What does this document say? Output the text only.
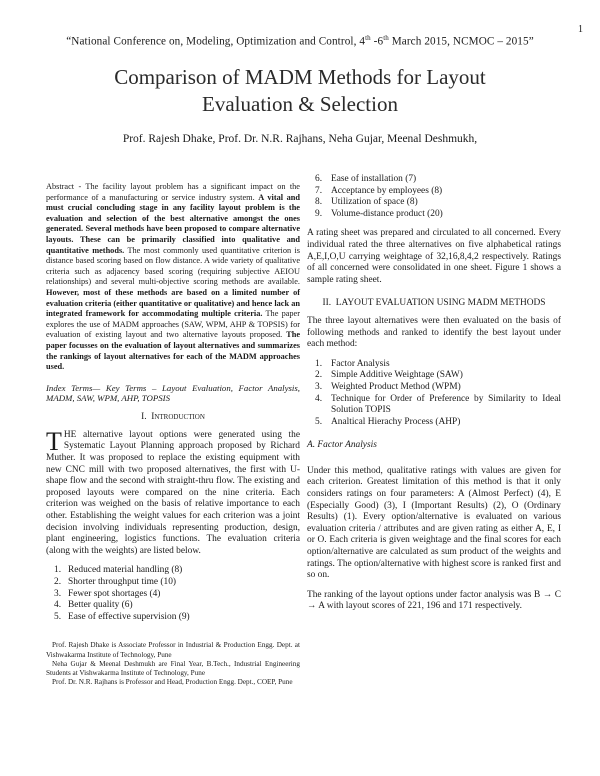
1
“National Conference on, Modeling, Optimization and Control, 4th -6th March 2015, NCMOC – 2015”
Comparison of MADM Methods for Layout
Evaluation & Selection
Prof. Rajesh Dhake, Prof. Dr. N.R. Rajhans, Neha Gujar, Meenal Deshmukh,

Abstract - The facility layout problem has a significant impact on the performance of a manufacturing or service industry system. A vital and must crucial concluding stage in any facility layout problem is the evaluation and selection of the best alternative amongst the ones generated. Several methods have been proposed to compare alternative layouts. These can be primarily classified into qualitative and quantitative methods. The most commonly used quantitative criterion is distance based scoring based on flow distance. A wide variety of qualitative criteria such as adjacency based scoring (requiring subjective AEIOU relationships) and several multi-objective scoring methods are available. However, most of these methods are based on a limited number of evaluation criteria (either quantitative or qualitative) and hence lack an integrated framework for accommodating multiple criteria. The paper explores the use of MADM approaches (SAW, WPM, AHP & TOPSIS) for evaluation of existing layout and two alternative layouts proposed. The paper focusses on the evaluation of layout alternatives and summarizes the rankings of layout alternatives for each of the MADM approaches used.

Index Terms— Key Terms – Layout Evaluation, Factor Analysis, MADM, SAW, WPM, AHP, TOPSIS

I. Introduction

THE alternative layout options were generated using the Systematic Layout Planning approach proposed by Richard Muther. It was proposed to replace the existing equipment with new CNC mill with two proposed alternatives, the first with U-shape flow and the second with straight-thru flow. The existing and proposed layouts were compared on the nine criteria. Each criterion was weighed on the basis of relative importance to each other. Establishing the weight values for each criterion was a joint decision involving individuals representing production, design, plant engineering, logistics functions. The evaluation criteria (along with the weights) are listed below.

1. Reduced material handling (8)
2. Shorter throughput time (10)
3. Fewer spot shortages (4)
4. Better quality (6)
5. Ease of effective supervision (9)

Prof. Rajesh Dhake is Associate Professor in Industrial & Production Engg. Dept. at Vishwakarma Institute of Technology, Pune

Neha Gujar & Meenal Deshmukh are Final Year, B.Tech., Industrial Engineering Students at Vishwakarma Institute of Technology, Pune

Prof. Dr. N.R. Rajhans is Professor and Head, Production Engg. Dept., COEP, Pune

6. Ease of installation (7)
7. Acceptance by employees (8)
8. Utilization of space (8)
9. Volume-distance product (20)

A rating sheet was prepared and circulated to all concerned. Every individual rated the three alternatives on five alphabetical ratings A,E,I,O,U carrying weightage of 32,16,8,4,2 respectively. Ratings of all concerned were consolidated in one sheet. Figure 1 shows a sample rating sheet.

II. LAYOUT EVALUATION USING MADM METHODS

The three layout alternatives were then evaluated on the basis of following methods and ranked to identify the best layout under each method:

1. Factor Analysis
2. Simple Additive Weightage (SAW)
3. Weighted Product Method (WPM)
4. Technique for Order of Preference by Similarity to Ideal Solution TOPIS
5. Analtical Hierachy Process (AHP)
A. Factor Analysis

Under this method, qualitative ratings with values are given for each criterion. Greatest limitation of this method is that it only considers ratings on four parameters: A (Almost Perfect) (4), E (Especially Good) (3), I (Important Results) (2), O (Ordinary Results) (1). Every option/alternative is evaluated on various evaluation criteria / attributes and are given rating as either A, E, I or O. Each criteria is given weightage and the final scores for each option/alternative are calculated as sum product of the weights and ratings. The option/alternative with highest score is ranked first and so on.

The ranking of the layout options under factor analysis was B → C → A with layout scores of 221, 196 and 171 respectively.
